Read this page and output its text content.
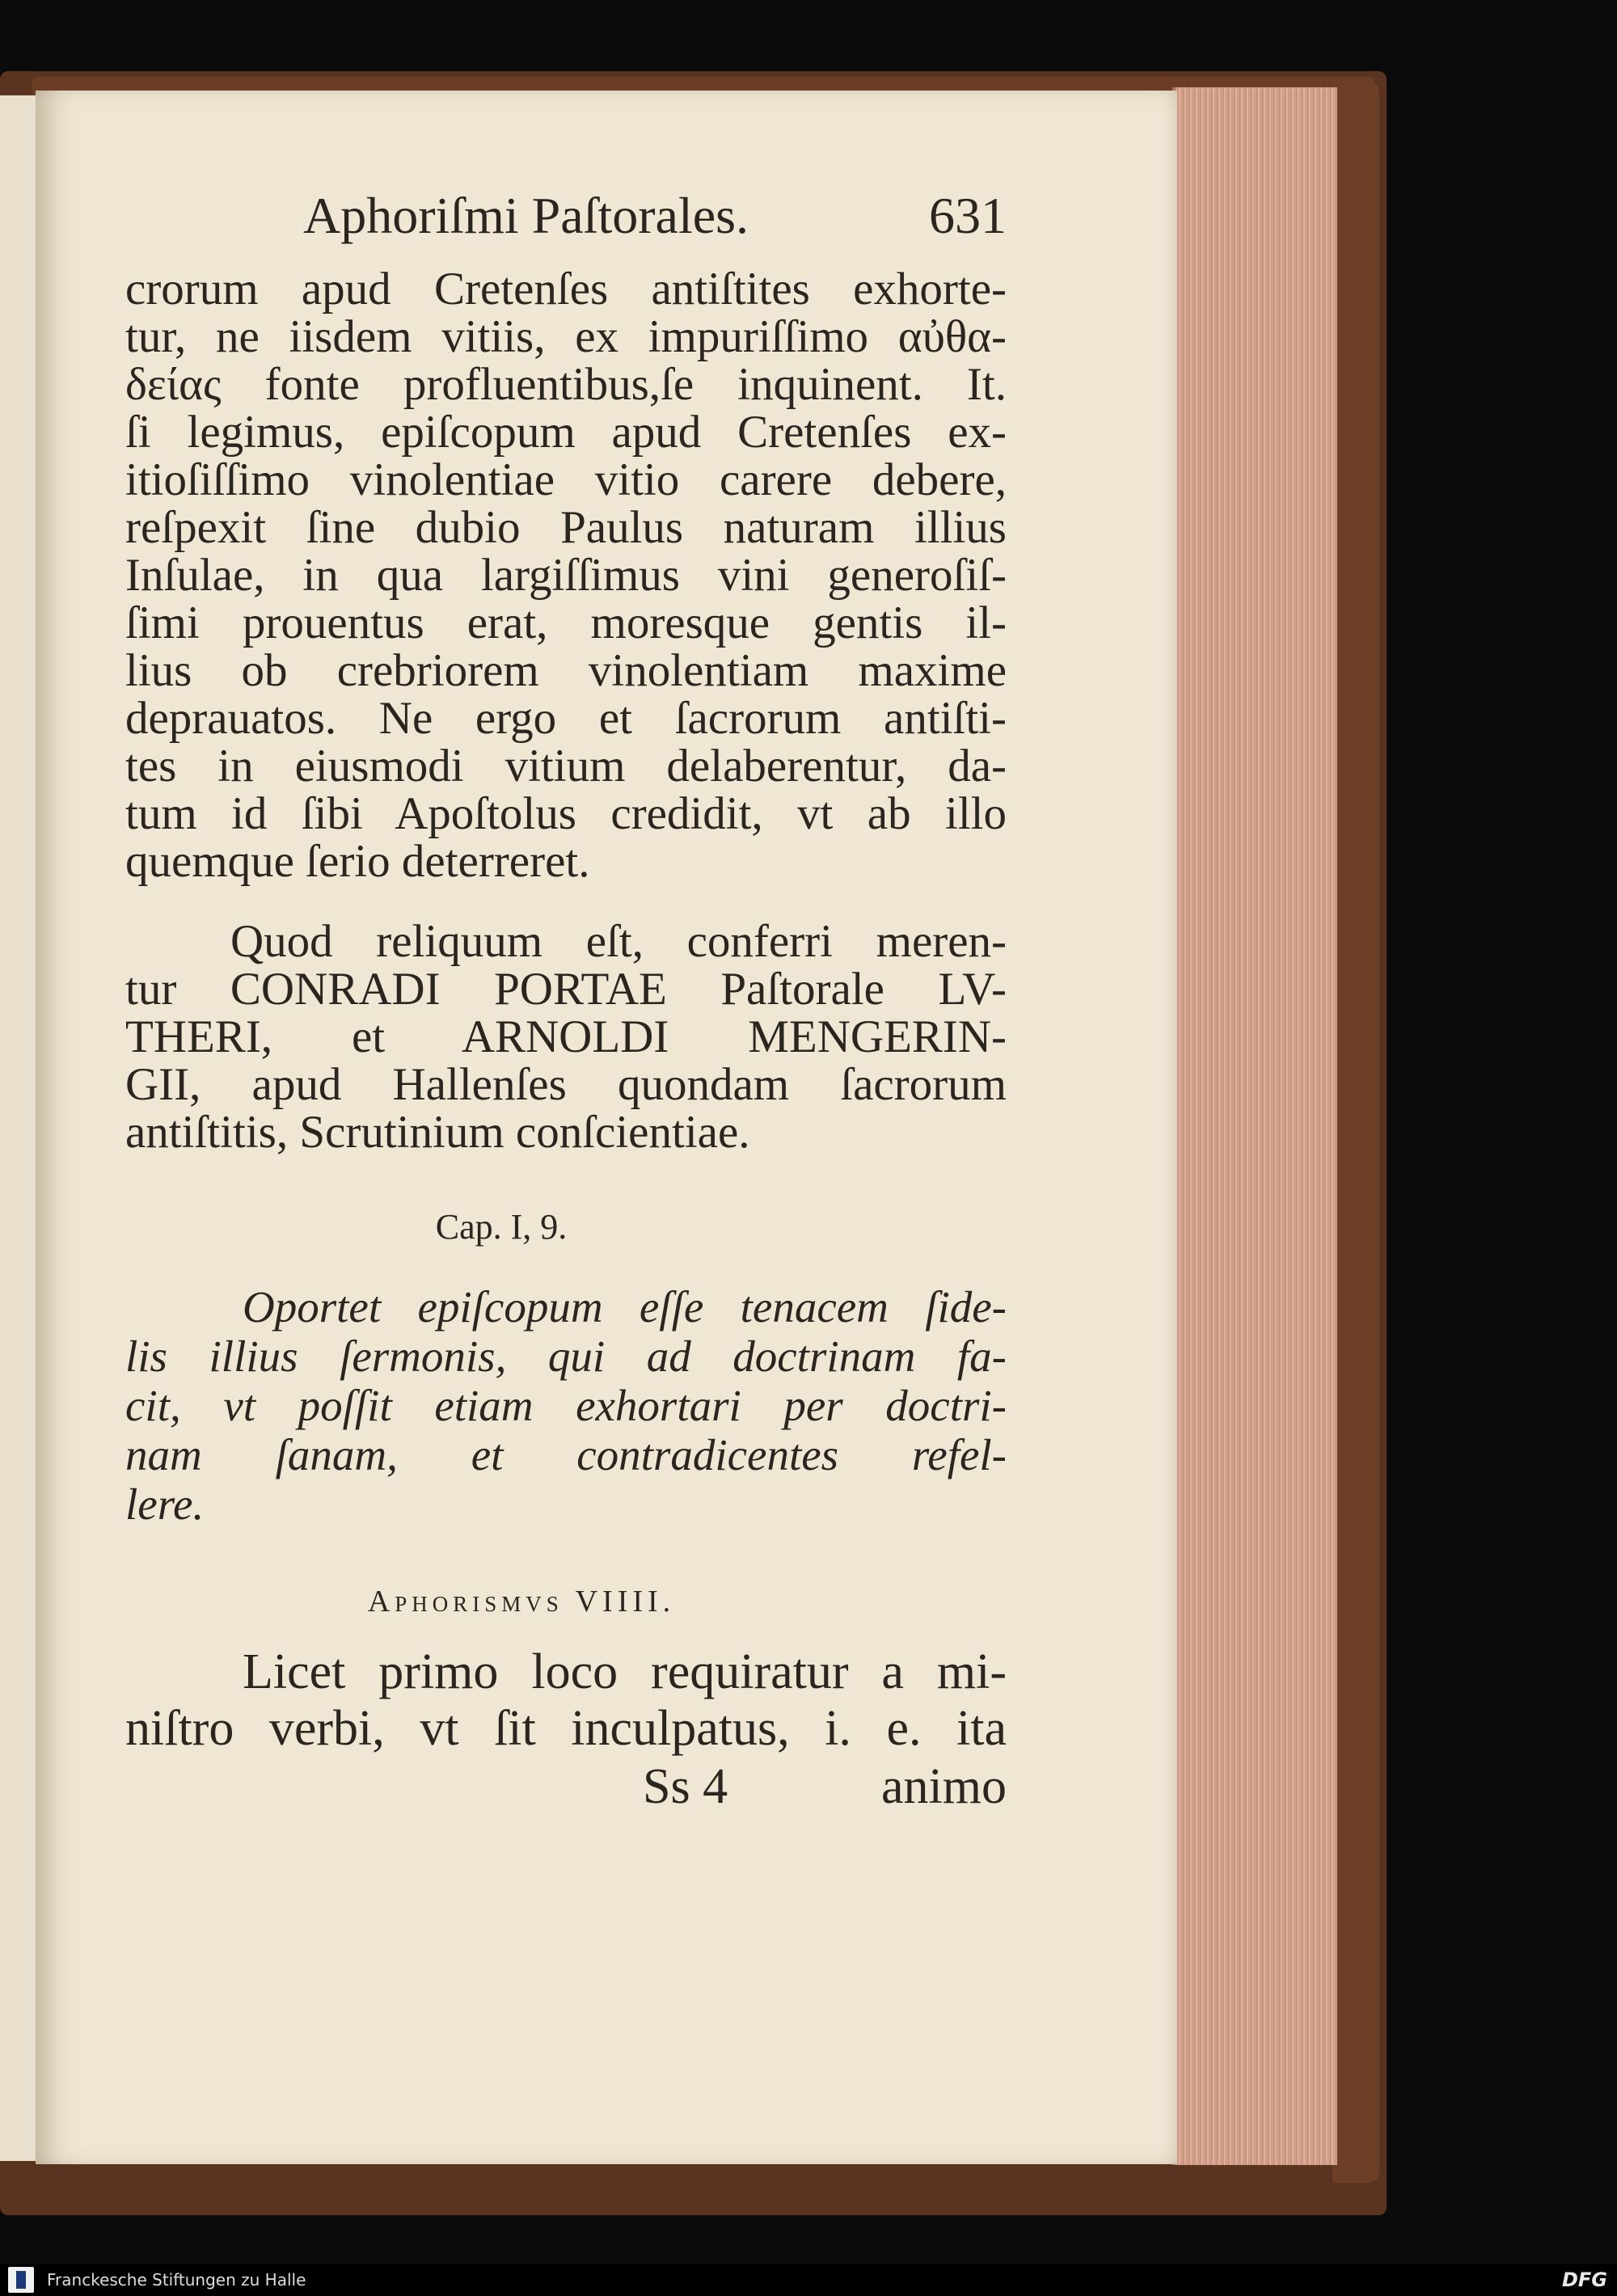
Aphoriſmi Paſtorales.	631
crorum apud Cretenſes antiſtites exhorte-
tur, ne iisdem vitiis, ex impuriſſimo αὐθα-
δείας fonte profluentibus,ſe inquinent. It.
ſi legimus, epiſcopum apud Cretenſes ex-
itioſiſſimo vinolentiae vitio carere debere,
reſpexit ſine dubio Paulus naturam illius
Inſulae, in qua largiſſimus vini generoſiſ-
ſimi prouentus erat, moresque gentis il-
lius ob crebriorem vinolentiam maxime
deprauatos. Ne ergo et ſacrorum antiſti-
tes in eiusmodi vitium delaberentur, da-
tum id ſibi Apoſtolus credidit, vt ab illo
quemque ſerio deterreret.
Quod reliquum eſt, conferri meren-
tur CONRADI PORTAE Paſtorale LV-
THERI, et ARNOLDI MENGERIN-
GII, apud Hallenſes quondam ſacrorum
antiſtitis, Scrutinium conſcientiae.
Cap. I, 9.
Oportet epiſcopum eſſe tenacem ſide-
lis illius ſermonis, qui ad doctrinam fa-
cit, vt poſſit etiam exhortari per doctri-
nam ſanam, et contradicentes refel-
lere.
Aphorismvs VIIII.
Licet primo loco requiratur a mi-
niſtro verbi, vt ſit inculpatus, i. e. ita
Ss 4	animo
Franckesche Stiftungen zu Halle	DFG
